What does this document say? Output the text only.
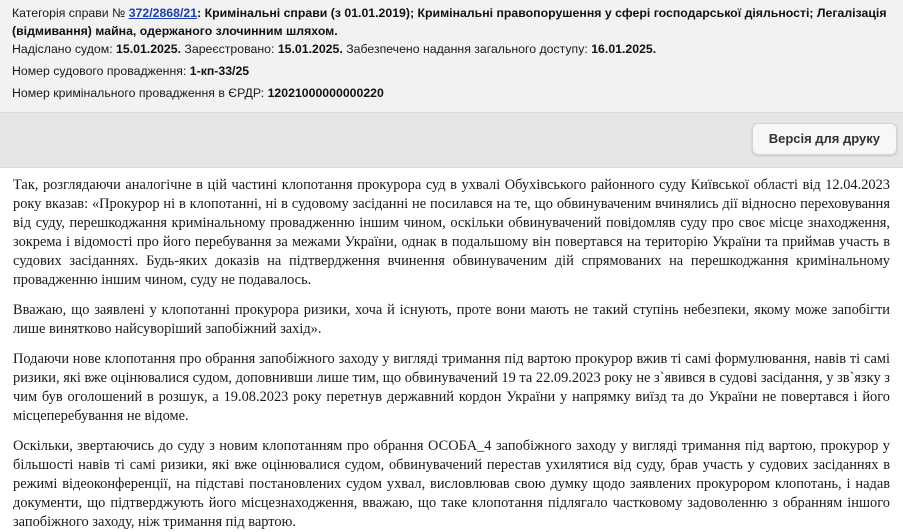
Категорія справи № 372/2868/21: Кримінальні справи (з 01.01.2019); Кримінальні правопорушення у сфері господарської діяльності; Легалізація (відмивання) майна, одержаного злочинним шляхом.

Надіслано судом: 15.01.2025. Зареєстровано: 15.01.2025. Забезпечено надання загального доступу: 16.01.2025.

Номер судового провадження: 1-кп-33/25

Номер кримінального провадження в ЄРДР: 12021000000000220

Версія для друку

Так, розглядаючи аналогічне в цій частині клопотання прокурора суд в ухвалі Обухівського районного суду Київської області від 12.04.2023 року вказав: «Прокурор ні в клопотанні, ні в судовому засіданні не посилався на те, що обвинуваченим вчинялись дії відносно переховування від суду, перешкоджання кримінальному провадженню іншим чином, оскільки обвинувачений повідомляв суду про своє місце знаходження, зокрема і відомості про його перебування за межами України, однак в подальшому він повертався на територію України та приймав участь в судових засіданнях. Будь-яких доказів на підтвердження вчинення обвинуваченим дій спрямованих на перешкоджання кримінальному провадженню іншим чином, суду не подавалось.

Вважаю, що заявлені у клопотанні прокурора ризики, хоча й існують, проте вони мають не такий ступінь небезпеки, якому може запобігти лише винятково найсуворіший запобіжний захід».

Подаючи нове клопотання про обрання запобіжного заходу у вигляді тримання під вартою прокурор вжив ті самі формулювання, навів ті самі ризики, які вже оцінювалися судом, доповнивши лише тим, що обвинувачений 19 та 22.09.2023 року не з`явився в судові засідання, у зв`язку з чим був оголошений в розшук, а 19.08.2023 року перетнув державний кордон України у напрямку виїзд та до України не повертався і його місцеперебування не відоме.

Оскільки, звертаючись до суду з новим клопотанням про обрання ОСОБА_4 запобіжного заходу у вигляді тримання під вартою, прокурор у більшості навів ті самі ризики, які вже оцінювалися судом, обвинувачений перестав ухилятися від суду, брав участь у судових засіданнях в режимі відеоконференції, на підставі постановлених судом ухвал, висловлював свою думку щодо заявлених прокурором клопотань, і надав документи, що підтверджують його місцезнаходження, вважаю, що таке клопотання підлягало частковому задоволенню з обранням іншого запобіжного заходу, ніж тримання під вартою.
